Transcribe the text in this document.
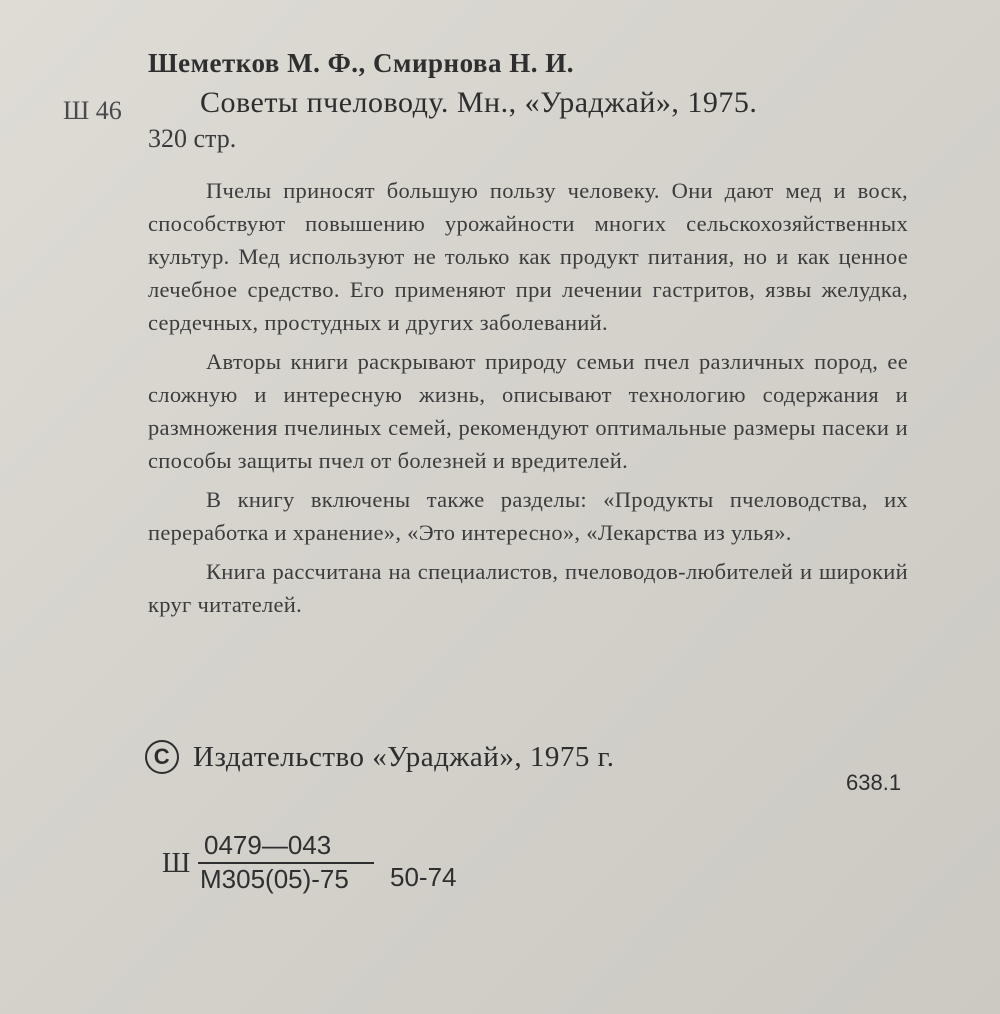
Шеметков М. Ф., Смирнова Н. И.
Ш 46	Советы пчеловоду. Мн., «Ураджай», 1975.
320 стр.

Пчелы приносят большую пользу человеку. Они дают мед и воск, способствуют повышению урожайности многих сельскохозяйственных культур. Мед используют не только как продукт питания, но и как ценное лечебное средство. Его применяют при лечении гастритов, язвы желудка, сердечных, простудных и других заболеваний.

Авторы книги раскрывают природу семьи пчел различных пород, ее сложную и интересную жизнь, описывают технологию содержания и размножения пчелиных семей, рекомендуют оптимальные размеры пасеки и способы защиты пчел от болезней и вредителей.

В книгу включены также разделы: «Продукты пчеловодства, их переработка и хранение», «Это интересно», «Лекарства из улья».

Книга рассчитана на специалистов, пчеловодов-любителей и широкий круг читателей.

C Издательство «Ураджай», 1975 г.
638.1
Ш
0479—043
М305(05)-75 50-74
